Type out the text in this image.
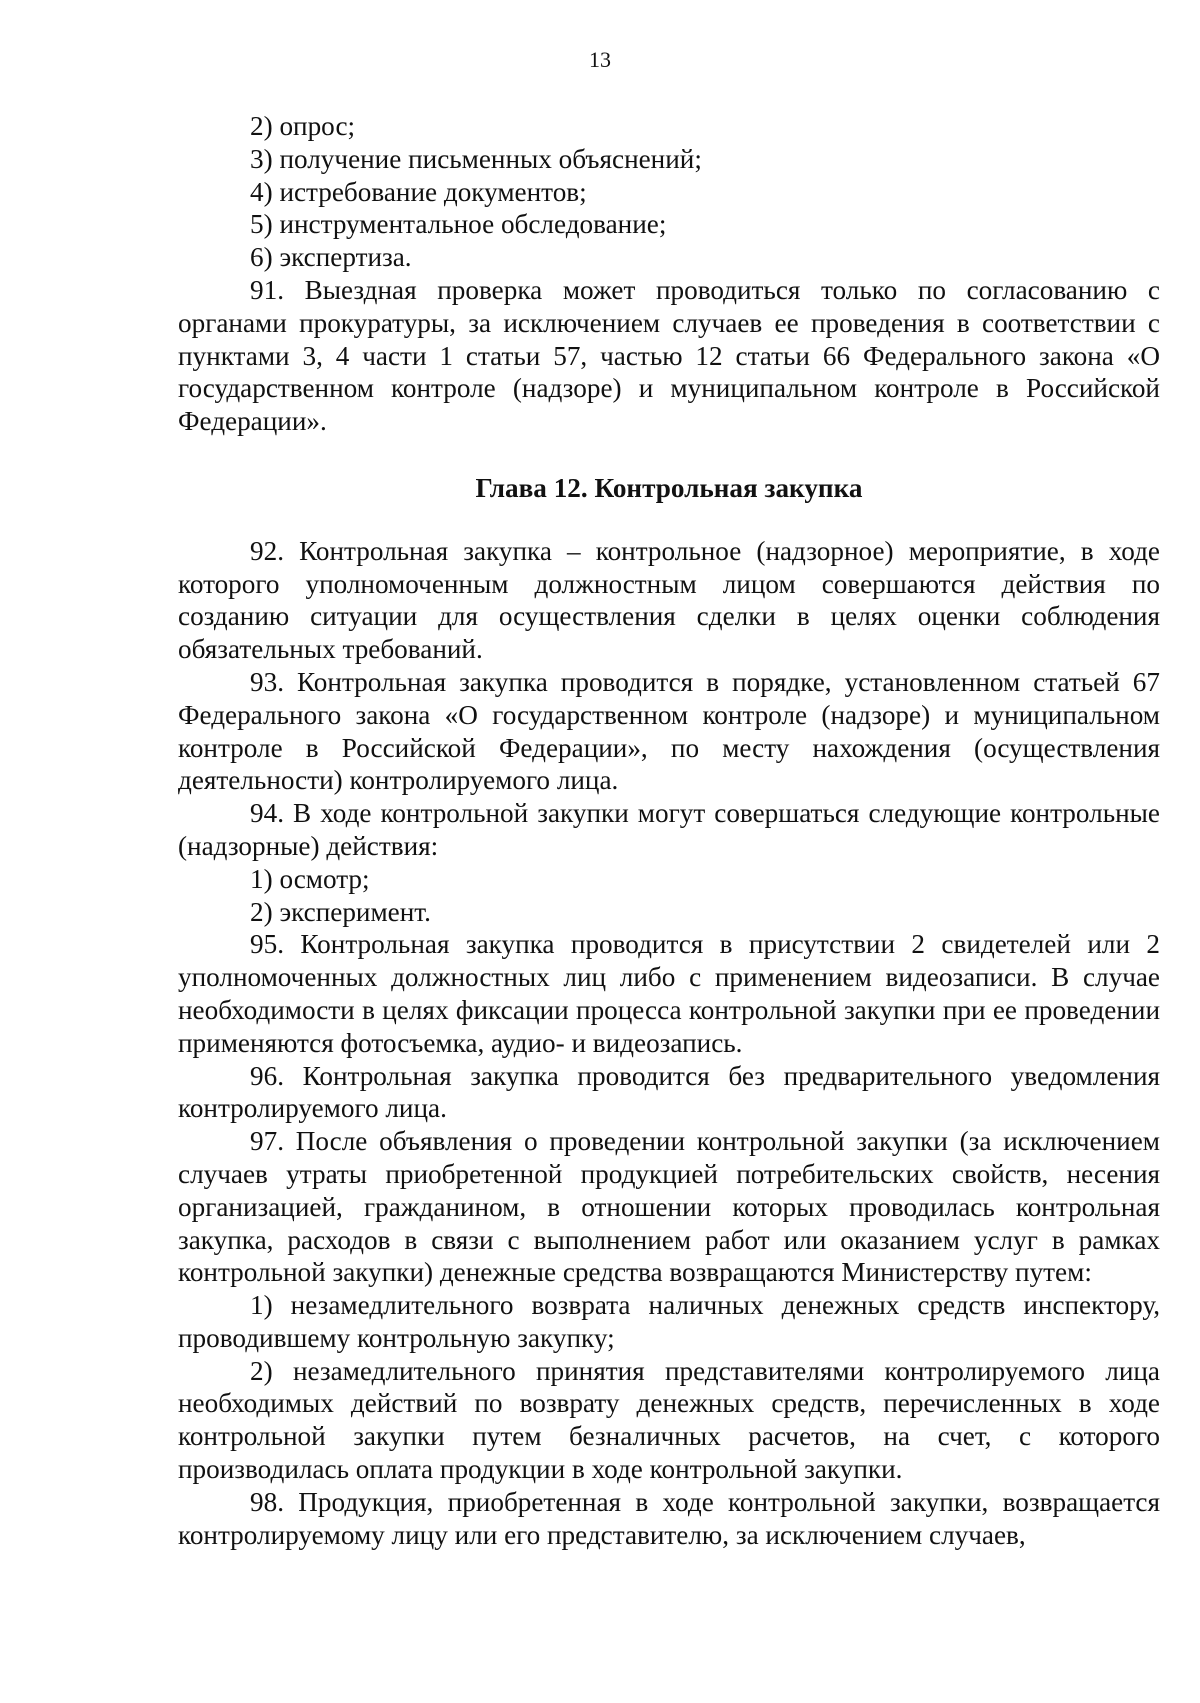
13

2) опрос;

3) получение письменных объяснений;

4) истребование документов;

5) инструментальное обследование;

6) экспертиза.

91. Выездная проверка может проводиться только по согласованию с органами прокуратуры, за исключением случаев ее проведения в соответствии с пунктами 3, 4 части 1 статьи 57, частью 12 статьи 66 Федерального закона «О государственном контроле (надзоре) и муниципальном контроле в Российской Федерации».

Глава 12. Контрольная закупка

92. Контрольная закупка – контрольное (надзорное) мероприятие, в ходе которого уполномоченным должностным лицом совершаются действия по созданию ситуации для осуществления сделки в целях оценки соблюдения обязательных требований.

93. Контрольная закупка проводится в порядке, установленном статьей 67 Федерального закона «О государственном контроле (надзоре) и муниципальном контроле в Российской Федерации», по месту нахождения (осуществления деятельности) контролируемого лица.

94. В ходе контрольной закупки могут совершаться следующие контрольные (надзорные) действия:

1) осмотр;

2) эксперимент.

95. Контрольная закупка проводится в присутствии 2 свидетелей или 2 уполномоченных должностных лиц либо с применением видеозаписи. В случае необходимости в целях фиксации процесса контрольной закупки при ее проведении применяются фотосъемка, аудио- и видеозапись.

96. Контрольная закупка проводится без предварительного уведомления контролируемого лица.

97. После объявления о проведении контрольной закупки (за исключением случаев утраты приобретенной продукцией потребительских свойств, несения организацией, гражданином, в отношении которых проводилась контрольная закупка, расходов в связи с выполнением работ или оказанием услуг в рамках контрольной закупки) денежные средства возвращаются Министерству путем:

1) незамедлительного возврата наличных денежных средств инспектору, проводившему контрольную закупку;

2) незамедлительного принятия представителями контролируемого лица необходимых действий по возврату денежных средств, перечисленных в ходе контрольной закупки путем безналичных расчетов, на счет, с которого производилась оплата продукции в ходе контрольной закупки.

98. Продукция, приобретенная в ходе контрольной закупки, возвращается контролируемому лицу или его представителю, за исключением случаев,
